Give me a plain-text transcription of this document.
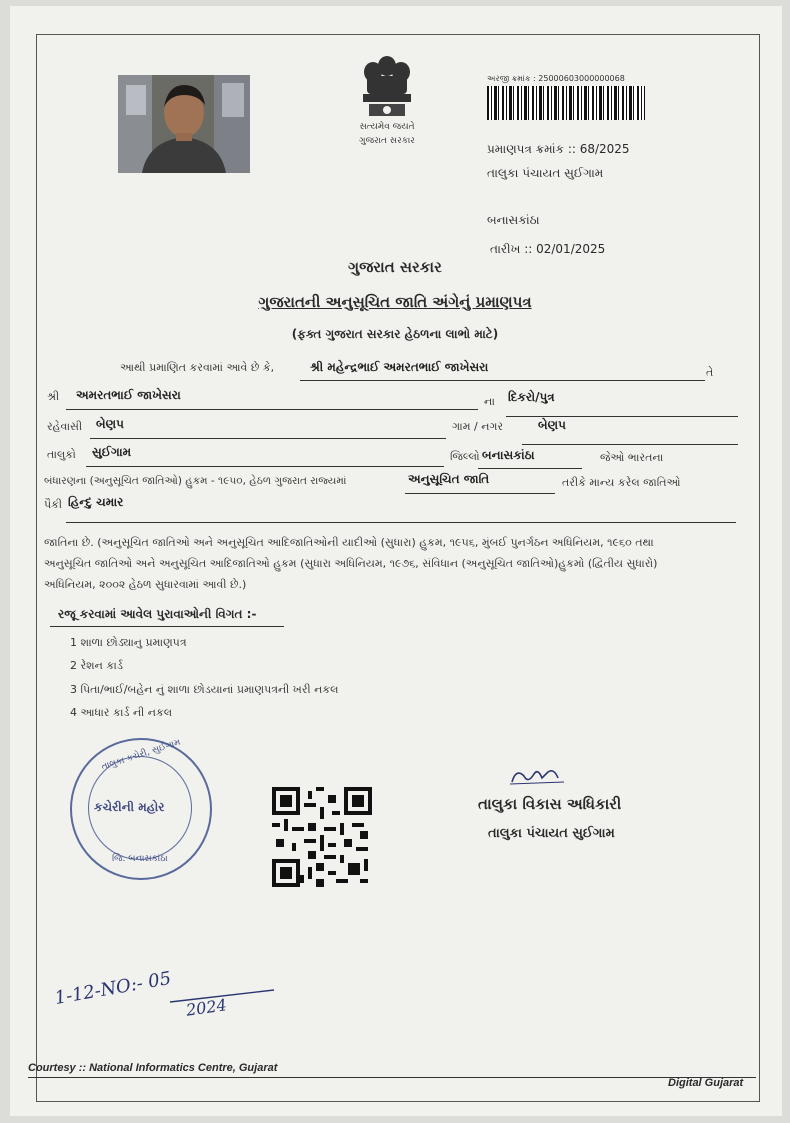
સત્યમેવ જયતે
ગુજરાત સરકાર
અરજી ક્રમાંક : 25000603000000068
પ્રમાણપત્ર ક્રમાંક :: 68/2025
તાલુકા પંચાયત સુઈગામ
બનાસકાંઠા
તારીખ :: 02/01/2025
ગુજરાત સરકાર
ગુજરાતની અનુસૂચિત જાતિ અંગેનું પ્રમાણપત્ર
(ફક્ત ગુજરાત સરકાર હેઠળના લાભો માટે)
આથી પ્રમાણિત કરવામાં આવે છે કે,	શ્રી મહેન્દ્રભાઈ અમરતભાઈ જાખેસરા	તે
શ્રી અમરતભાઈ જાખેસરા	ના દિકરો/પુત્ર
રહેવાસી બેણપ	ગામ / નગર	બેણપ
તાલુકો સુઈગામ	જિલ્લો બનાસકાંઠા	જેઓ ભારતના
બંધારણના (અનુસૂચિત જાતિઓ) હુકમ - ૧૯૫૦, હેઠળ ગુજરાત રાજ્યમાં	અનુસૂચિત જાતિ	તરીકે માન્ય કરેલ જાતિઓ
પૈકી હિન્દુ ચમાર
જાતિના છે. (અનુસૂચિત જાતિઓ અને અનુસૂચિત આદિજાતિઓની યાદીઓ (સુધારા) હુકમ, ૧૯૫૬, મુંબઈ પુનર્ગઠન અધિનિયમ, ૧૯૬૦ તથા
અનુસૂચિત જાતિઓ અને અનુસૂચિત આદિજાતિઓ હુકમ (સુધારા અધિનિયમ, ૧૯૭૬, સંવિધાન (અનુસૂચિત જાતિઓ)હુકમો (દ્વિતીય સુધારો)
અધિનિયમ, ૨૦૦૨ હેઠળ સુધારવામાં આવી છે.)
રજૂ કરવામાં આવેલ પુરાવાઓની વિગત :-
1 શાળા છોડ્યાનુ પ્રમાણપત્ર
2 રેશન કાર્ડ
3 પિતા/ભાઈ/બહેન નું શાળા છોડયાનાં પ્રમાણપત્રની ખરી નકલ
4 આધાર કાર્ડ ની નકલ
તાલુકા કચેરી, સુઈગામ
કચેરીની મહોર
જિ. બનાસકાંઠા
તાલુકા વિકાસ અધિકારી
તાલુકા પંચાયત સુઈગામ
1-12-NO:- 05 2024
Courtesy :: National Informatics Centre, Gujarat
Digital Gujarat
